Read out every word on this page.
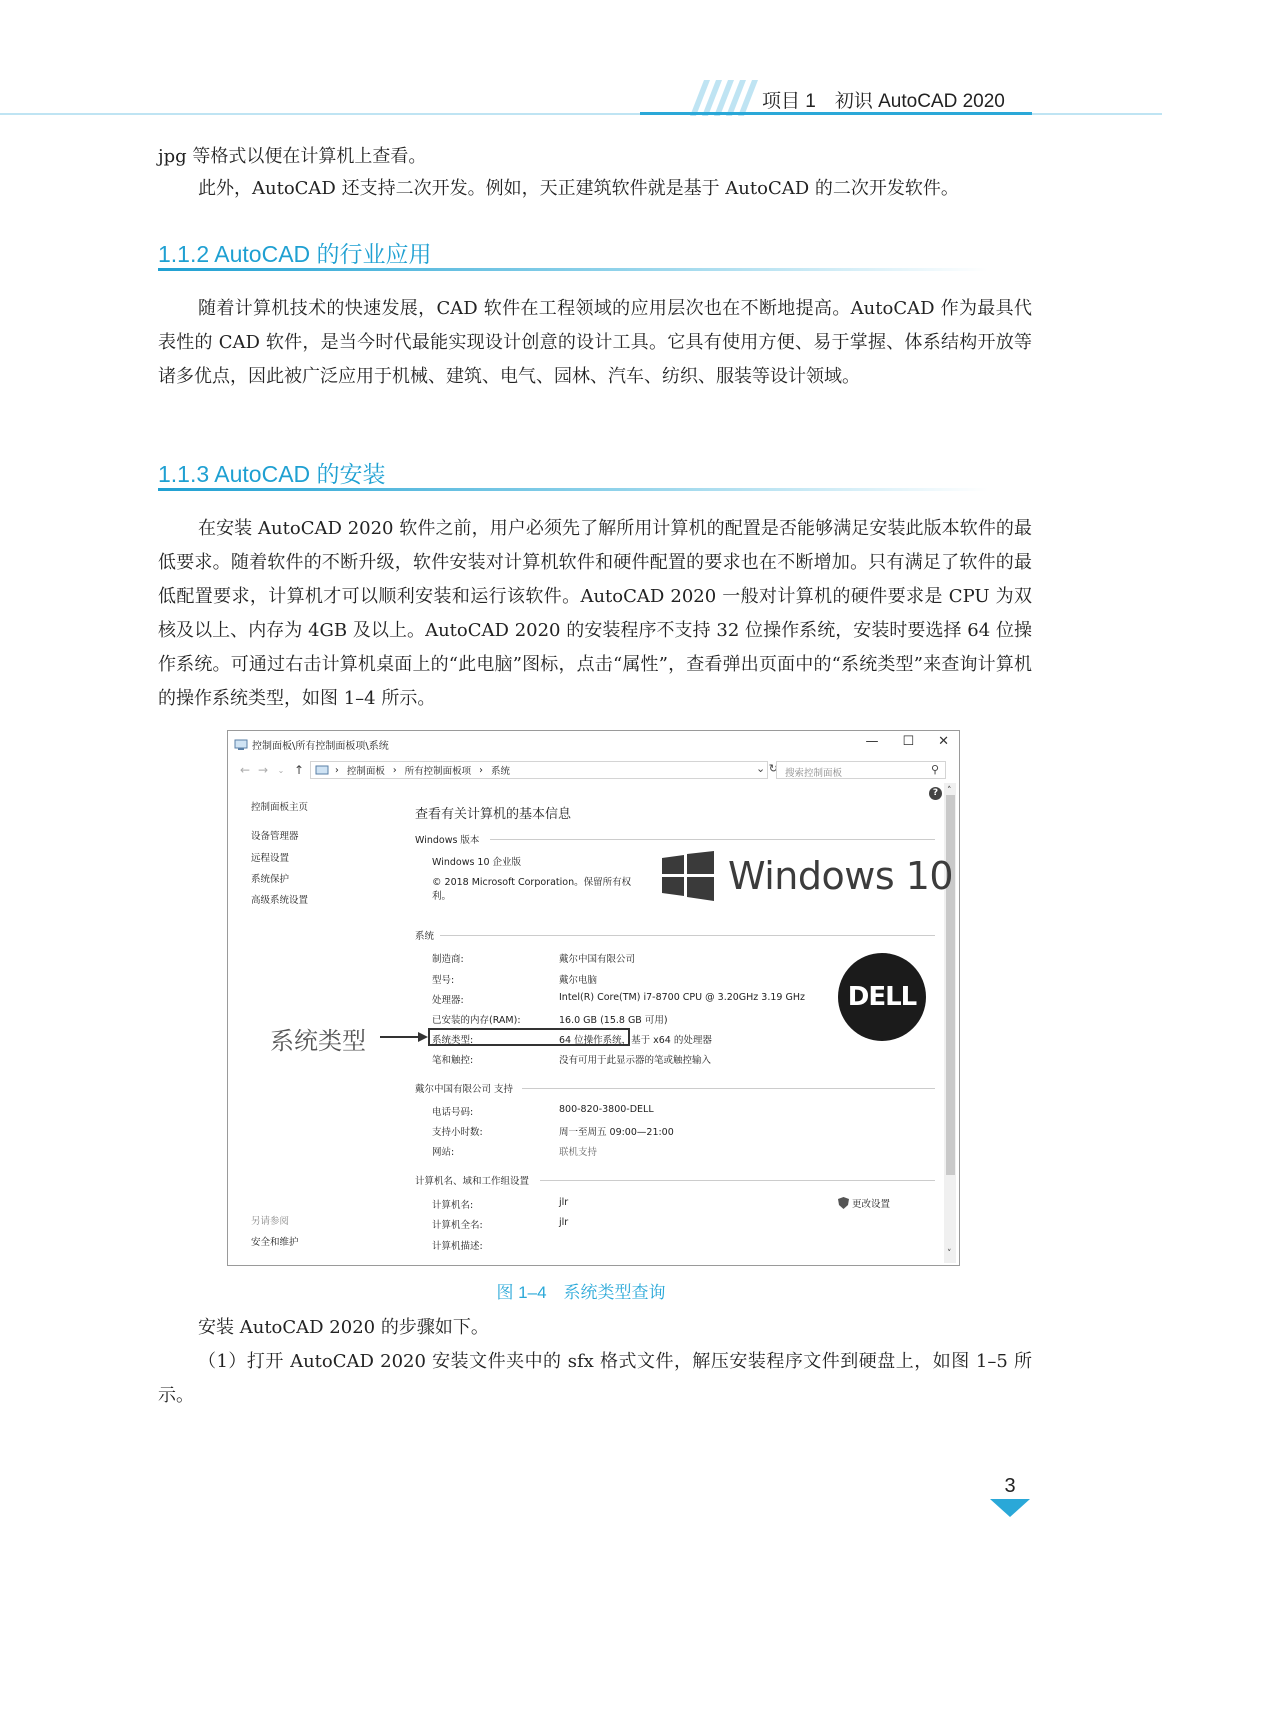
项目 1　初识 AutoCAD 2020

jpg 等格式以便在计算机上查看。

此外，AutoCAD 还支持二次开发。例如，天正建筑软件就是基于 AutoCAD 的二次开发软件。

1.1.2 AutoCAD 的行业应用

随着计算机技术的快速发展，CAD 软件在工程领域的应用层次也在不断地提高。AutoCAD 作为最具代表性的 CAD 软件，是当今时代最能实现设计创意的设计工具。它具有使用方便、易于掌握、体系结构开放等诸多优点，因此被广泛应用于机械、建筑、电气、园林、汽车、纺织、服装等设计领域。

1.1.3 AutoCAD 的安装

在安装 AutoCAD 2020 软件之前，用户必须先了解所用计算机的配置是否能够满足安装此版本软件的最低要求。随着软件的不断升级，软件安装对计算机软件和硬件配置的要求也在不断增加。只有满足了软件的最低配置要求，计算机才可以顺利安装和运行该软件。AutoCAD 2020 一般对计算机的硬件要求是 CPU 为双核及以上、内存为 4GB 及以上。AutoCAD 2020 的安装程序不支持 32 位操作系统，安装时要选择 64 位操作系统。可通过右击计算机桌面上的“此电脑”图标，点击“属性”，查看弹出页面中的“系统类型”来查询计算机的操作系统类型，如图 1–4 所示。

控制面板\所有控制面板项\系统	— ☐ ✕
← →	⌄ ↑	› 控制面板 › 所有控制面板项 › 系统	⌄ ↻ 搜索控制面板	⚲
? ˄
˅
控制面板主页
设备管理器
远程设置
系统保护
高级系统设置
另请参阅
安全和维护
查看有关计算机的基本信息
Windows 版本
Windows 10 企业版
© 2018 Microsoft Corporation。保留所有权利。	Windows 10
系统
制造商:	戴尔中国有限公司
型号:	戴尔电脑
处理器:	Intel(R) Core(TM) i7-8700 CPU @ 3.20GHz 3.19 GHz
已安装的内存(RAM):	16.0 GB (15.8 GB 可用)
系统类型:	64 位操作系统，基于 x64 的处理器
笔和触控:	没有可用于此显示器的笔或触控输入
系统类型
DELL
戴尔中国有限公司 支持
电话号码:	800-820-3800-DELL
支持小时数:	周一至周五 09:00—21:00
网站:	联机支持
计算机名、域和工作组设置
计算机名:	jlr
计算机全名:	jlr
计算机描述:
更改设置
图 1–4　系统类型查询

安装 AutoCAD 2020 的步骤如下。

（1）打开 AutoCAD 2020 安装文件夹中的 sfx 格式文件，解压安装程序文件到硬盘上，如图 1–5 所示。

3
